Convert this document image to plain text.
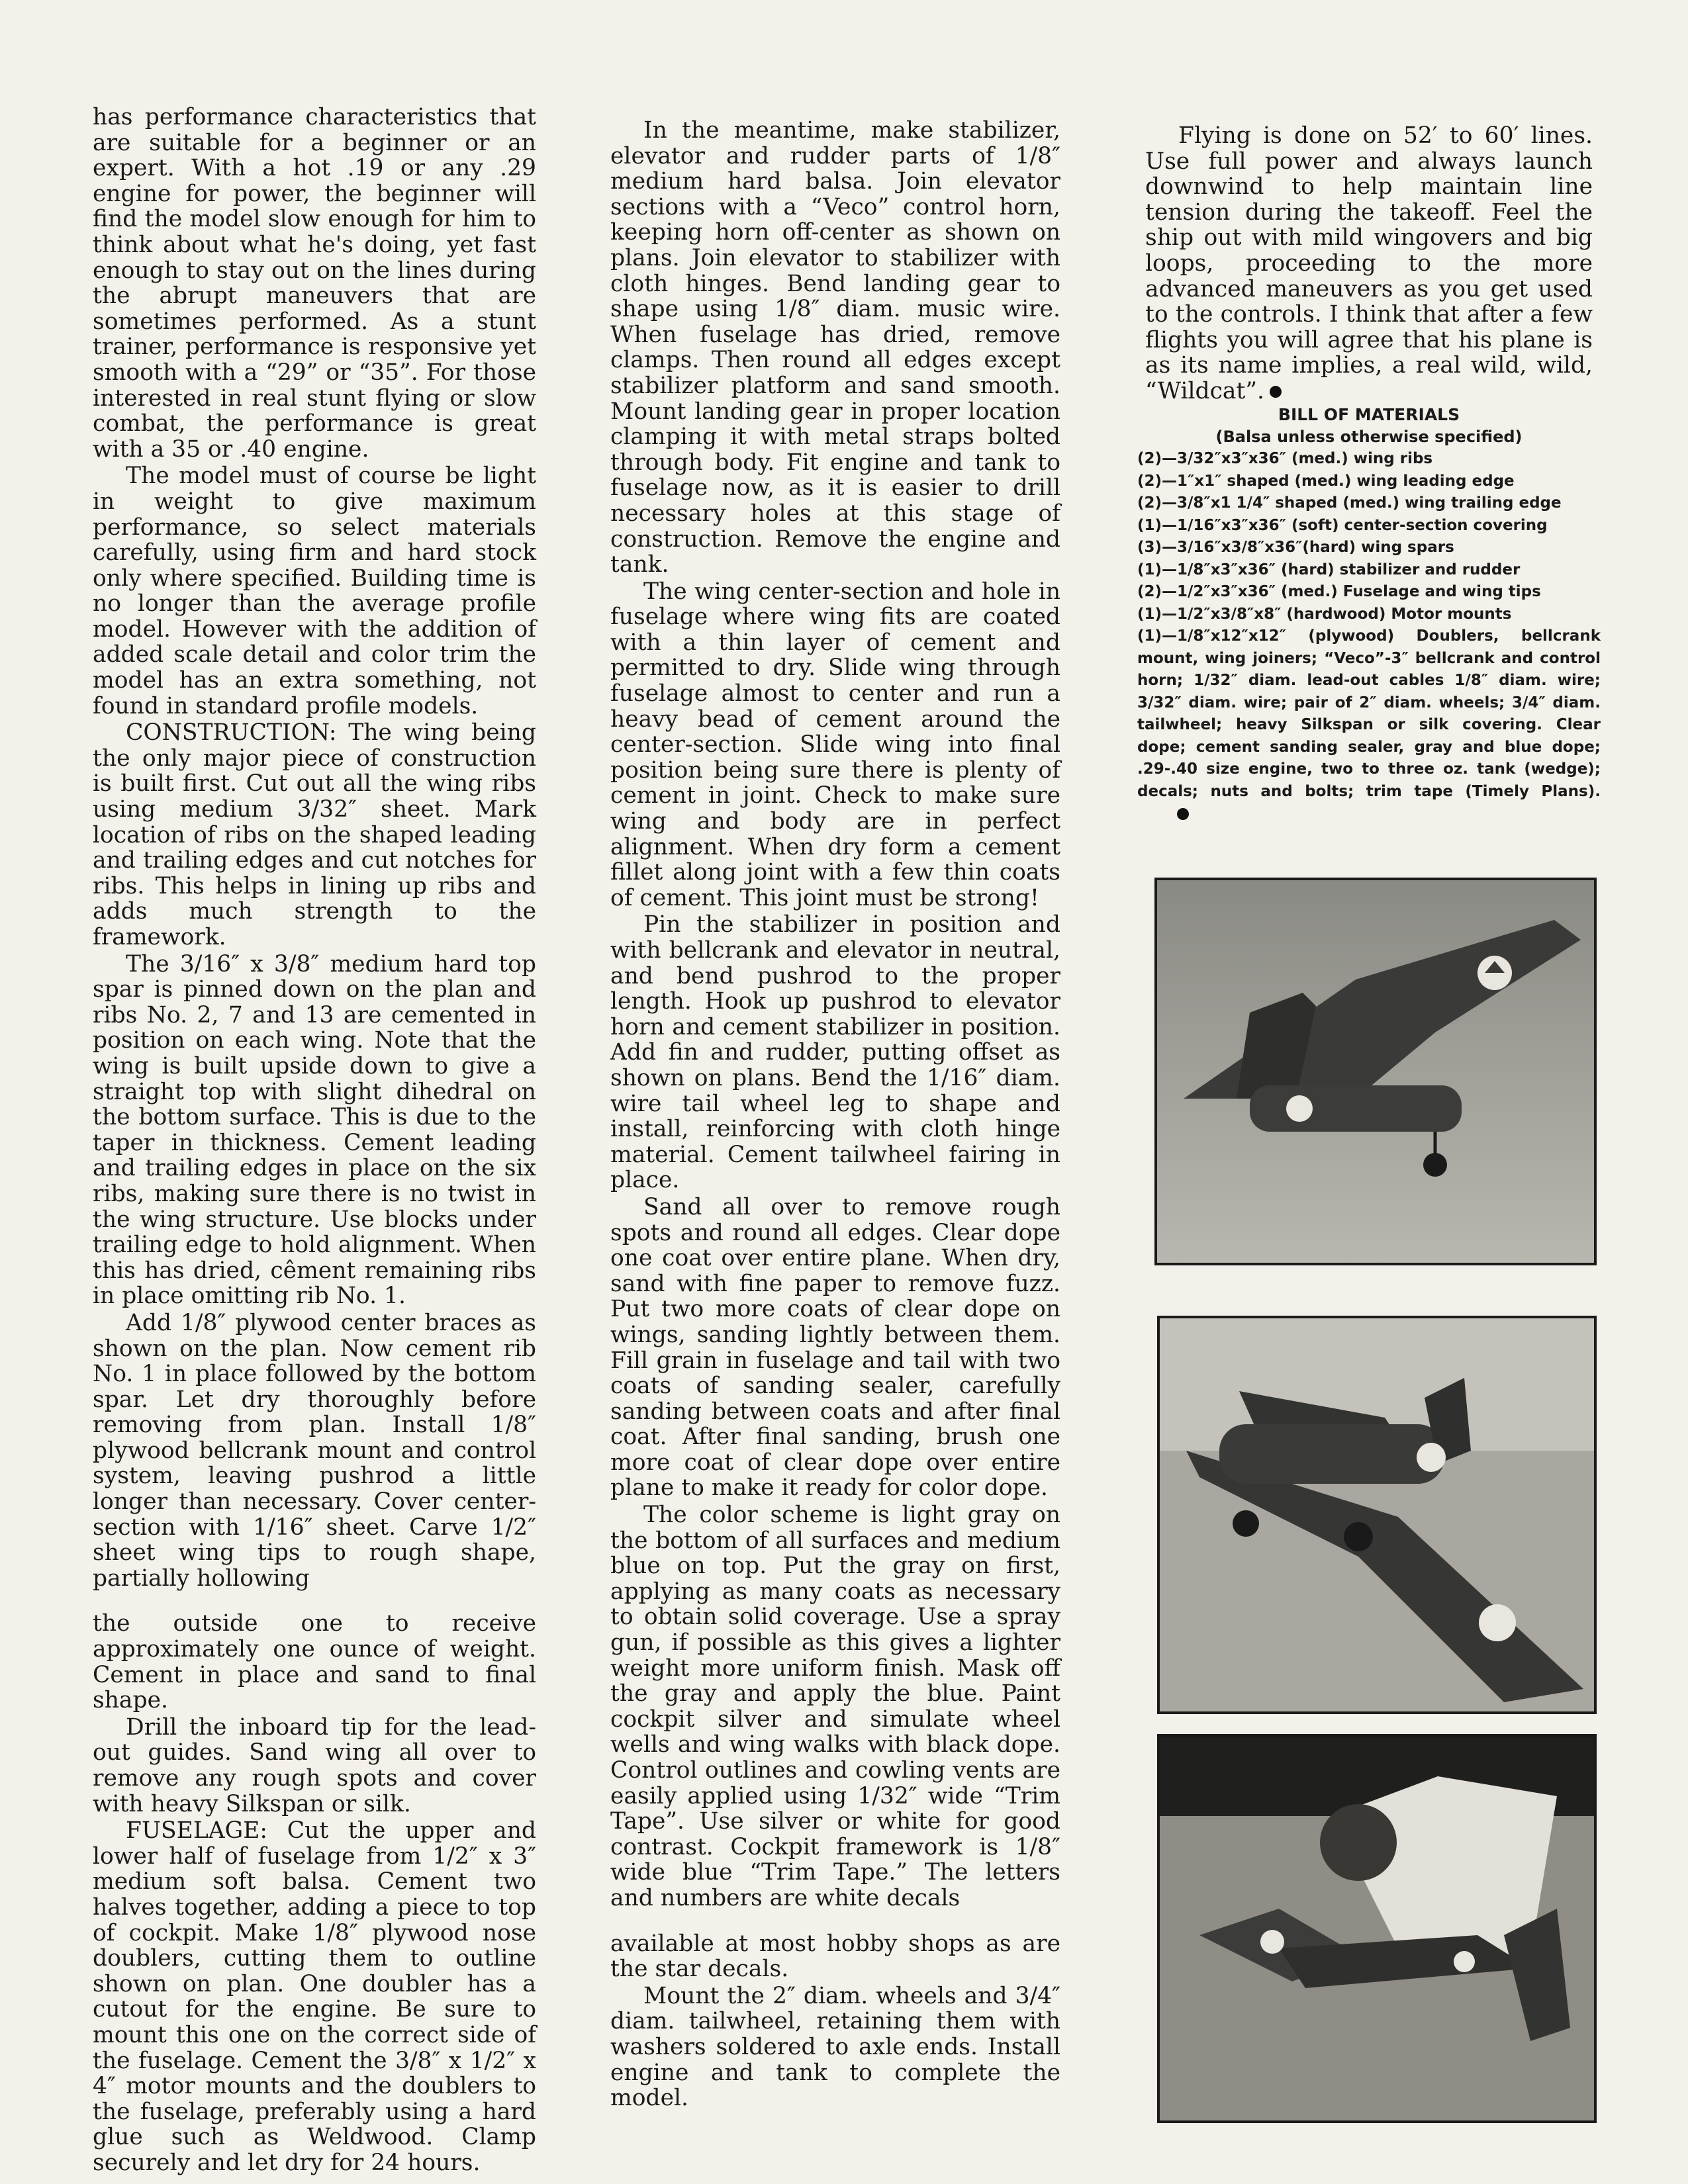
has performance characteristics that are suitable for a beginner or an expert. With a hot .19 or any .29 engine for power, the beginner will find the model slow enough for him to think about what he's doing, yet fast enough to stay out on the lines during the abrupt maneuvers that are sometimes performed. As a stunt trainer, performance is responsive yet smooth with a “29” or “35”. For those interested in real stunt flying or slow combat, the performance is great with a 35 or .40 engine.

The model must of course be light in weight to give maximum performance, so select materials carefully, using firm and hard stock only where specified. Building time is no longer than the average profile model. However with the addition of added scale detail and color trim the model has an extra something, not found in standard profile models.

CONSTRUCTION: The wing being the only major piece of construction is built first. Cut out all the wing ribs using medium 3/32″ sheet. Mark location of ribs on the shaped leading and trailing edges and cut notches for ribs. This helps in lining up ribs and adds much strength to the framework.

The 3/16″ x 3/8″ medium hard top spar is pinned down on the plan and ribs No. 2, 7 and 13 are cemented in position on each wing. Note that the wing is built upside down to give a straight top with slight dihedral on the bottom surface. This is due to the taper in thickness. Cement leading and trailing edges in place on the six ribs, making sure there is no twist in the wing structure. Use blocks under trailing edge to hold alignment. When this has dried, cêment remaining ribs in place omitting rib No. 1.

Add 1/8″ plywood center braces as shown on the plan. Now cement rib No. 1 in place followed by the bottom spar. Let dry thoroughly before removing from plan. Install 1/8″ plywood bellcrank mount and control system, leaving pushrod a little longer than necessary. Cover center-section with 1/16″ sheet. Carve 1/2″ sheet wing tips to rough shape, partially hollowing

the outside one to receive approximately one ounce of weight. Cement in place and sand to final shape.

Drill the inboard tip for the lead-out guides. Sand wing all over to remove any rough spots and cover with heavy Silkspan or silk.

FUSELAGE: Cut the upper and lower half of fuselage from 1/2″ x 3″ medium soft balsa. Cement two halves together, adding a piece to top of cockpit. Make 1/8″ plywood nose doublers, cutting them to outline shown on plan. One doubler has a cutout for the engine. Be sure to mount this one on the correct side of the fuselage. Cement the 3/8″ x 1/2″ x 4″ motor mounts and the doublers to the fuselage, preferably using a hard glue such as Weldwood. Clamp securely and let dry for 24 hours.

In the meantime, make stabilizer, elevator and rudder parts of 1/8″ medium hard balsa. Join elevator sections with a “Veco” control horn, keeping horn off-center as shown on plans. Join elevator to stabilizer with cloth hinges. Bend landing gear to shape using 1/8″ diam. music wire. When fuselage has dried, remove clamps. Then round all edges except stabilizer platform and sand smooth. Mount landing gear in proper location clamping it with metal straps bolted through body. Fit engine and tank to fuselage now, as it is easier to drill necessary holes at this stage of construction. Remove the engine and tank.

The wing center-section and hole in fuselage where wing fits are coated with a thin layer of cement and permitted to dry. Slide wing through fuselage almost to center and run a heavy bead of cement around the center-section. Slide wing into final position being sure there is plenty of cement in joint. Check to make sure wing and body are in perfect alignment. When dry form a cement fillet along joint with a few thin coats of cement. This joint must be strong!

Pin the stabilizer in position and with bellcrank and elevator in neutral, and bend pushrod to the proper length. Hook up pushrod to elevator horn and cement stabilizer in position. Add fin and rudder, putting offset as shown on plans. Bend the 1/16″ diam. wire tail wheel leg to shape and install, reinforcing with cloth hinge material. Cement tailwheel fairing in place.

Sand all over to remove rough spots and round all edges. Clear dope one coat over entire plane. When dry, sand with fine paper to remove fuzz. Put two more coats of clear dope on wings, sanding lightly between them. Fill grain in fuselage and tail with two coats of sanding sealer, carefully sanding between coats and after final coat. After final sanding, brush one more coat of clear dope over entire plane to make it ready for color dope.

The color scheme is light gray on the bottom of all surfaces and medium blue on top. Put the gray on first, applying as many coats as necessary to obtain solid coverage. Use a spray gun, if possible as this gives a lighter weight more uniform finish. Mask off the gray and apply the blue. Paint cockpit silver and simulate wheel wells and wing walks with black dope. Control outlines and cowling vents are easily applied using 1/32″ wide “Trim Tape”. Use silver or white for good contrast. Cockpit framework is 1/8″ wide blue “Trim Tape.” The letters and numbers are white decals

available at most hobby shops as are the star decals.

Mount the 2″ diam. wheels and 3/4″ diam. tailwheel, retaining them with washers soldered to axle ends. Install engine and tank to complete the model.

Flying is done on 52′ to 60′ lines. Use full power and always launch downwind to help maintain line tension during the takeoff. Feel the ship out with mild wingovers and big loops, proceeding to the more advanced maneuvers as you get used to the controls. I think that after a few flights you will agree that his plane is as its name implies, a real wild, wild, “Wildcat”.

BILL OF MATERIALS
(Balsa unless otherwise specified)
(2)—3/32″x3″x36″ (med.) wing ribs
(2)—1″x1″ shaped (med.) wing leading edge
(2)—3/8″x1 1/4″ shaped (med.) wing trailing edge
(1)—1/16″x3″x36″ (soft) center-section covering
(3)—3/16″x3/8″x36″(hard) wing spars
(1)—1/8″x3″x36″ (hard) stabilizer and rudder
(2)—1/2″x3″x36″ (med.) Fuselage and wing tips
(1)—1/2″x3/8″x8″ (hardwood) Motor mounts
(1)—1/8″x12″x12″ (plywood) Doublers, bellcrank mount, wing joiners; “Veco”-3″ bellcrank and control horn; 1/32″ diam. lead-out cables 1/8″ diam. wire; 3/32″ diam. wire; pair of 2″ diam. wheels; 3/4″ diam. tailwheel; heavy Silkspan or silk covering. Clear dope; cement sanding sealer, gray and blue dope; .29-.40 size engine, two to three oz. tank (wedge); decals; nuts and bolts; trim tape (Timely Plans).
